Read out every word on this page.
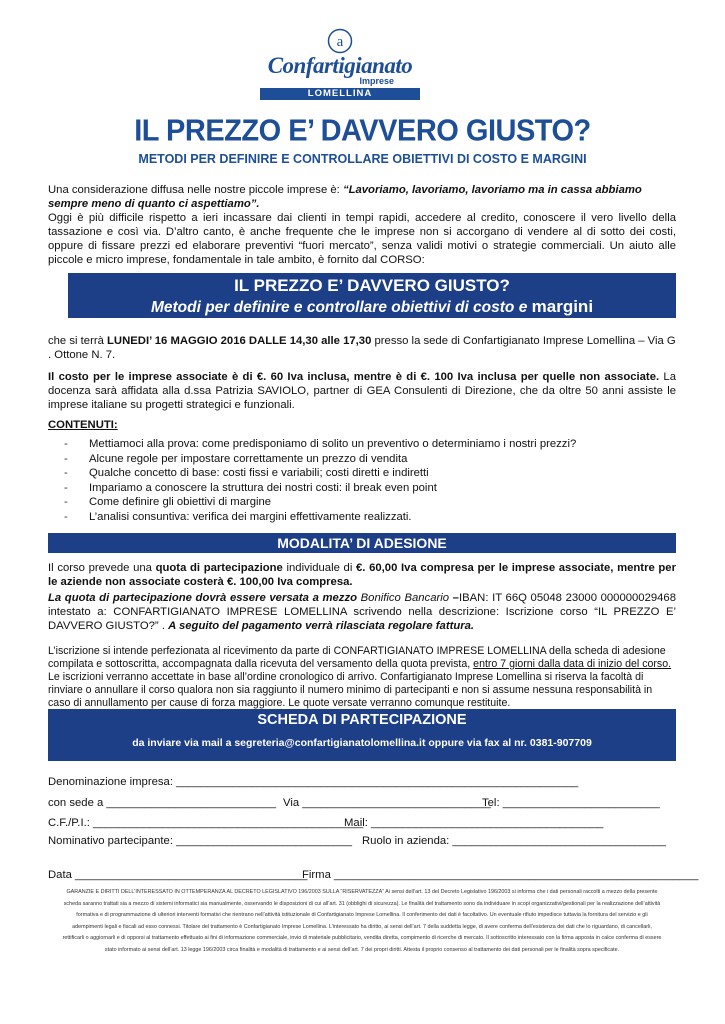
a
Confartigianato
Imprese
LOMELLINA
IL PREZZO E’ DAVVERO GIUSTO?
METODI PER DEFINIRE E CONTROLLARE OBIETTIVI DI COSTO E MARGINI
Una considerazione diffusa nelle nostre piccole imprese è: “Lavoriamo, lavoriamo, lavoriamo ma in cassa abbiamo sempre meno di quanto ci aspettiamo”.
Oggi è più difficile rispetto a ieri incassare dai clienti in tempi rapidi, accedere al credito, conoscere il vero livello della tassazione e così via. D’altro canto, è anche frequente che le imprese non si accorgano di vendere al di sotto dei costi, oppure di fissare prezzi ed elaborare preventivi “fuori mercato”, senza validi motivi o strategie commerciali. Un aiuto alle piccole e micro imprese, fondamentale in tale ambito, è fornito dal CORSO:
IL PREZZO E’ DAVVERO GIUSTO?
Metodi per definire e controllare obiettivi di costo e margini
che si terrà LUNEDI’ 16 MAGGIO 2016 DALLE 14,30 alle 17,30 presso la sede di Confartigianato Imprese Lomellina – Via G . Ottone N. 7.
Il costo per le imprese associate è di €. 60 Iva inclusa, mentre è di €. 100 Iva inclusa per quelle non associate. La docenza sarà affidata alla d.ssa Patrizia SAVIOLO, partner di GEA Consulenti di Direzione, che da oltre 50 anni assiste le imprese italiane su progetti strategici e funzionali.
CONTENUTI:
- Mettiamoci alla prova: come predisponiamo di solito un preventivo o determiniamo i nostri prezzi?
- Alcune regole per impostare correttamente un prezzo di vendita
- Qualche concetto di base: costi fissi e variabili; costi diretti e indiretti
- Impariamo a conoscere la struttura dei nostri costi: il break even point
- Come definire gli obiettivi di margine
- L’analisi consuntiva: verifica dei margini effettivamente realizzati.
MODALITA’ DI ADESIONE
Il corso prevede una quota di partecipazione individuale di €. 60,00 Iva compresa per le imprese associate, mentre per le aziende non associate costerà €. 100,00 Iva compresa.
La quota di partecipazione dovrà essere versata a mezzo Bonifico Bancario –IBAN: IT 66Q 05048 23000 000000029468 intestato a: CONFARTIGIANATO IMPRESE LOMELLINA scrivendo nella descrizione: Iscrizione corso “IL PREZZO E’ DAVVERO GIUSTO?” . A seguito del pagamento verrà rilasciata regolare fattura.
L’iscrizione si intende perfezionata al ricevimento da parte di CONFARTIGIANATO IMPRESE LOMELLINA della scheda di adesione compilata e sottoscritta, accompagnata dalla ricevuta del versamento della quota prevista, entro 7 giorni dalla data di inizio del corso. Le iscrizioni verranno accettate in base all’ordine cronologico di arrivo. Confartigianato Imprese Lomellina si riserva la facoltà di rinviare o annullare il corso qualora non sia raggiunto il numero minimo di partecipanti e non si assume nessuna responsabilità in caso di annullamento per cause di forza maggiore. Le quote versate verranno comunque restituite.
SCHEDA DI PARTECIPAZIONE
da inviare via mail a segreteria@confartigianatolomellina.it oppure via fax al nr. 0381-907709
Denominazione impresa: ________________________________________________________________
con sede a ___________________________ Via ______________________________
Tel: _________________________
C.F./P.I.: ___________________________________________
Mail: _____________________________________
Nominativo partecipante: ____________________________ Ruolo in azienda: __________________________________
Data _____________________________________
Firma __________________________________________________________
GARANZIE E DIRITTI DELL’INTERESSATO IN OTTEMPERANZA AL DECRETO LEGISLATIVO 196/2003 SULLA “RISERVATEZZA” Ai sensi dell’art. 13 del Decreto Legislativo 196/2003 si informa che i dati personali raccolti a mezzo della presente scheda saranno trattati sia a mezzo di sistemi informatici sia manualmente, osservando le disposizioni di cui all’art. 31 (obblighi di sicurezza). Le finalità del trattamento sono da individuare in scopi organizzativi/gestionali per la realizzazione dell’attività formativa e di programmazione di ulteriori interventi formativi che rientrano nell’attività istituzionale di Confartigianato Imprese Lomellina. Il conferimento dei dati è facoltativo. Un eventuale rifiuto impedisce tuttavia la fornitura del servizio e gli adempimenti legali e fiscali ad esso connessi. Titolare del trattamento è Confartigianato Imprese Lomellina. L’interessato ha diritto, ai sensi dell’art. 7 della suddetta legge, di avere conferma dell’esistenza dei dati che lo riguardano, di cancellarli, rettificarli o aggiornarli e di opporsi al trattamento effettuato ai fini di informazione commerciale, invio di materiale pubblicitario, vendita diretta, compimento di ricerche di mercato. Il sottoscritto interessato con la firma apposta in calce conferma di essere stato informato ai sensi dell’art. 13 legge 196/2003 circa finalità e modalità di trattamento e ai sensi dell’art. 7 dei propri diritti. Attesta il proprio consenso al trattamento dei dati personali per le finalità sopra specificate.
